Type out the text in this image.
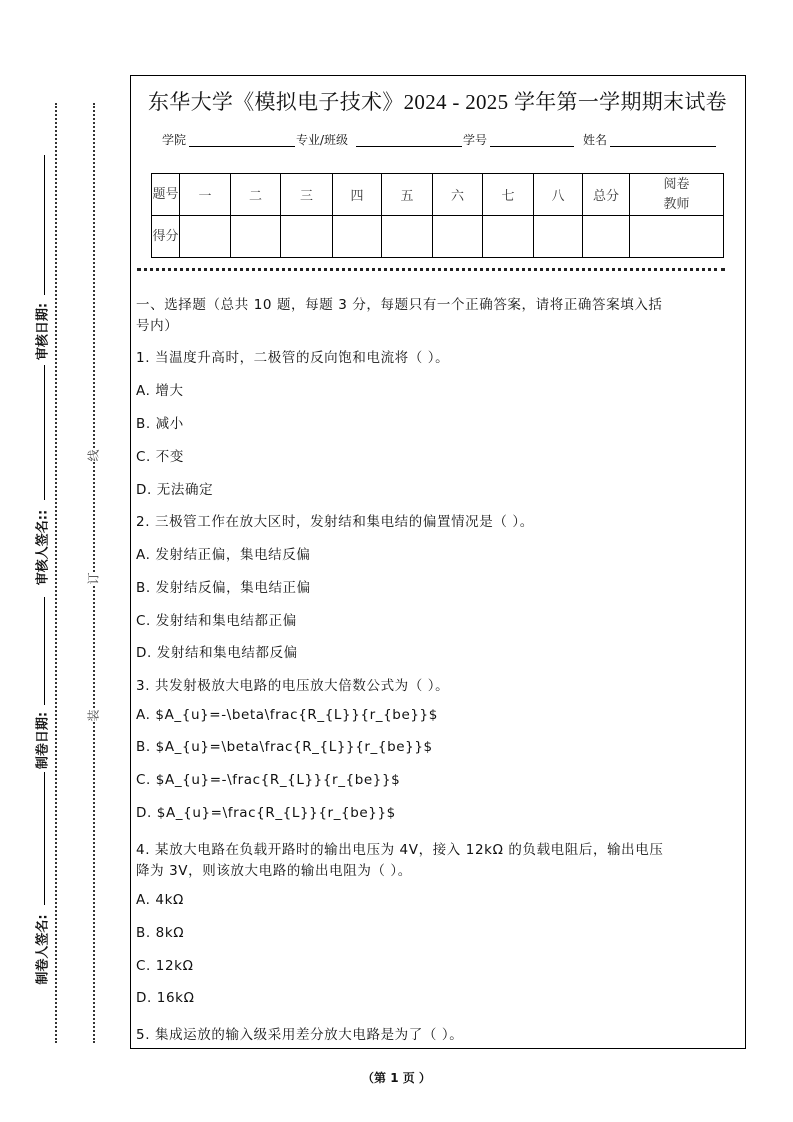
审核日期:
审核人签名::
制卷日期:
制卷人签名:
线
订
装
东华大学《模拟电子技术》2024 - 2025 学年第一学期期末试卷
学院	专业/班级	学号	姓名
题号	一	二	三	四	五	六	七	八	总分	阅卷教师
得分										
一、选择题（总共 10 题，每题 3 分，每题只有一个正确答案，请将正确答案填入括
号内）
1. 当温度升高时，二极管的反向饱和电流将（ ）。
A. 增大
B. 减小
C. 不变
D. 无法确定
2. 三极管工作在放大区时，发射结和集电结的偏置情况是（ ）。
A. 发射结正偏，集电结反偏
B. 发射结反偏，集电结正偏
C. 发射结和集电结都正偏
D. 发射结和集电结都反偏
3. 共发射极放大电路的电压放大倍数公式为（ ）。
A. $A_{u}=-\beta\frac{R_{L}}{r_{be}}$
B. $A_{u}=\beta\frac{R_{L}}{r_{be}}$
C. $A_{u}=-\frac{R_{L}}{r_{be}}$
D. $A_{u}=\frac{R_{L}}{r_{be}}$
4. 某放大电路在负载开路时的输出电压为 4V，接入 12kΩ 的负载电阻后，输出电压
降为 3V，则该放大电路的输出电阻为（ ）。
A. 4kΩ
B. 8kΩ
C. 12kΩ
D. 16kΩ
5. 集成运放的输入级采用差分放大电路是为了（ ）。
（第 1 页 ）
